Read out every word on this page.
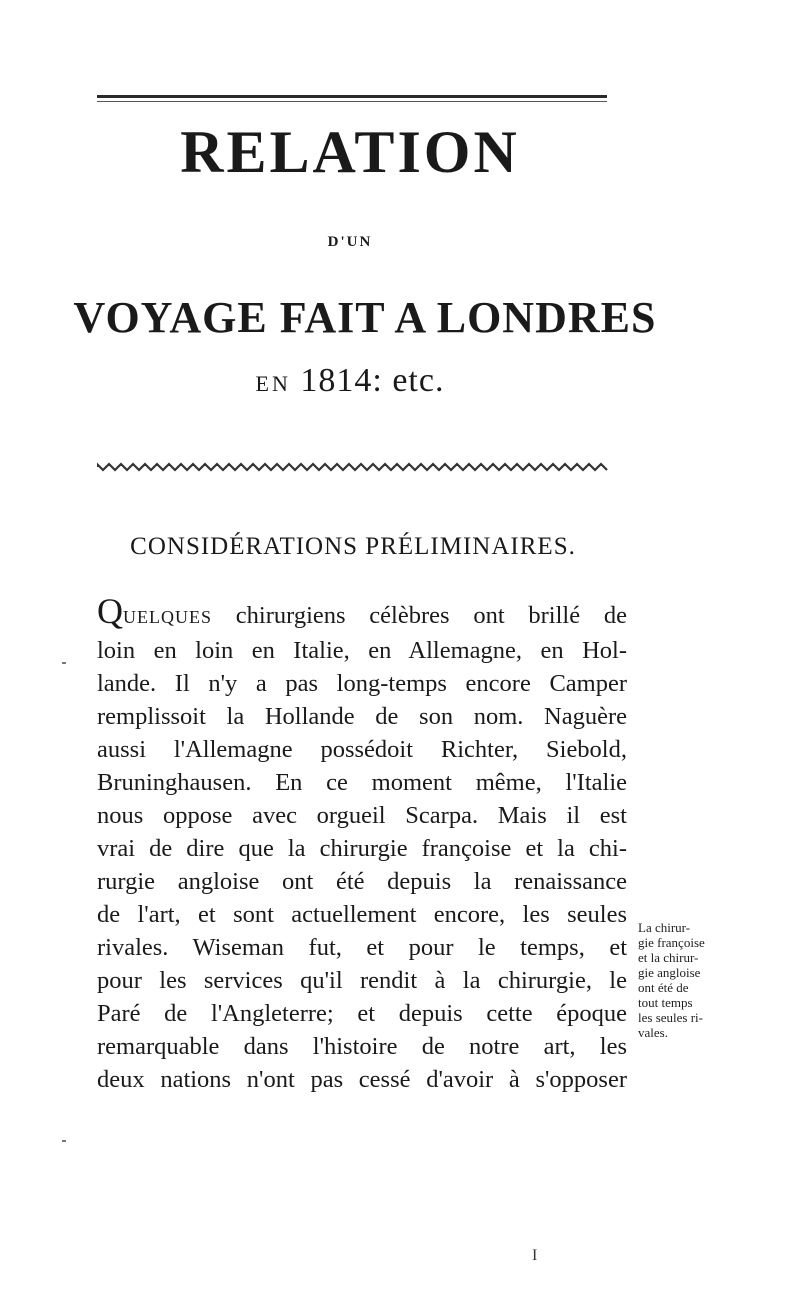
RELATION
D'UN
VOYAGE FAIT A LONDRES
EN 1814: etc.
CONSIDÉRATIONS PRÉLIMINAIRES.
QUELQUES chirurgiens célèbres ont brillé de
loin en loin en Italie, en Allemagne, en Hol-
lande. Il n'y a pas long-temps encore Camper
remplissoit la Hollande de son nom. Naguère
aussi l'Allemagne possédoit Richter, Siebold,
Bruninghausen. En ce moment même, l'Italie
nous oppose avec orgueil Scarpa. Mais il est
vrai de dire que la chirurgie françoise et la chi-
rurgie angloise ont été depuis la renaissance
de l'art, et sont actuellement encore, les seules
rivales. Wiseman fut, et pour le temps, et
pour les services qu'il rendit à la chirurgie, le
Paré de l'Angleterre; et depuis cette époque
remarquable dans l'histoire de notre art, les
deux nations n'ont pas cessé d'avoir à s'opposer
La chirur-
gie françoise
et la chirur-
gie angloise
ont été de
tout temps
les seules ri-
vales.
I
